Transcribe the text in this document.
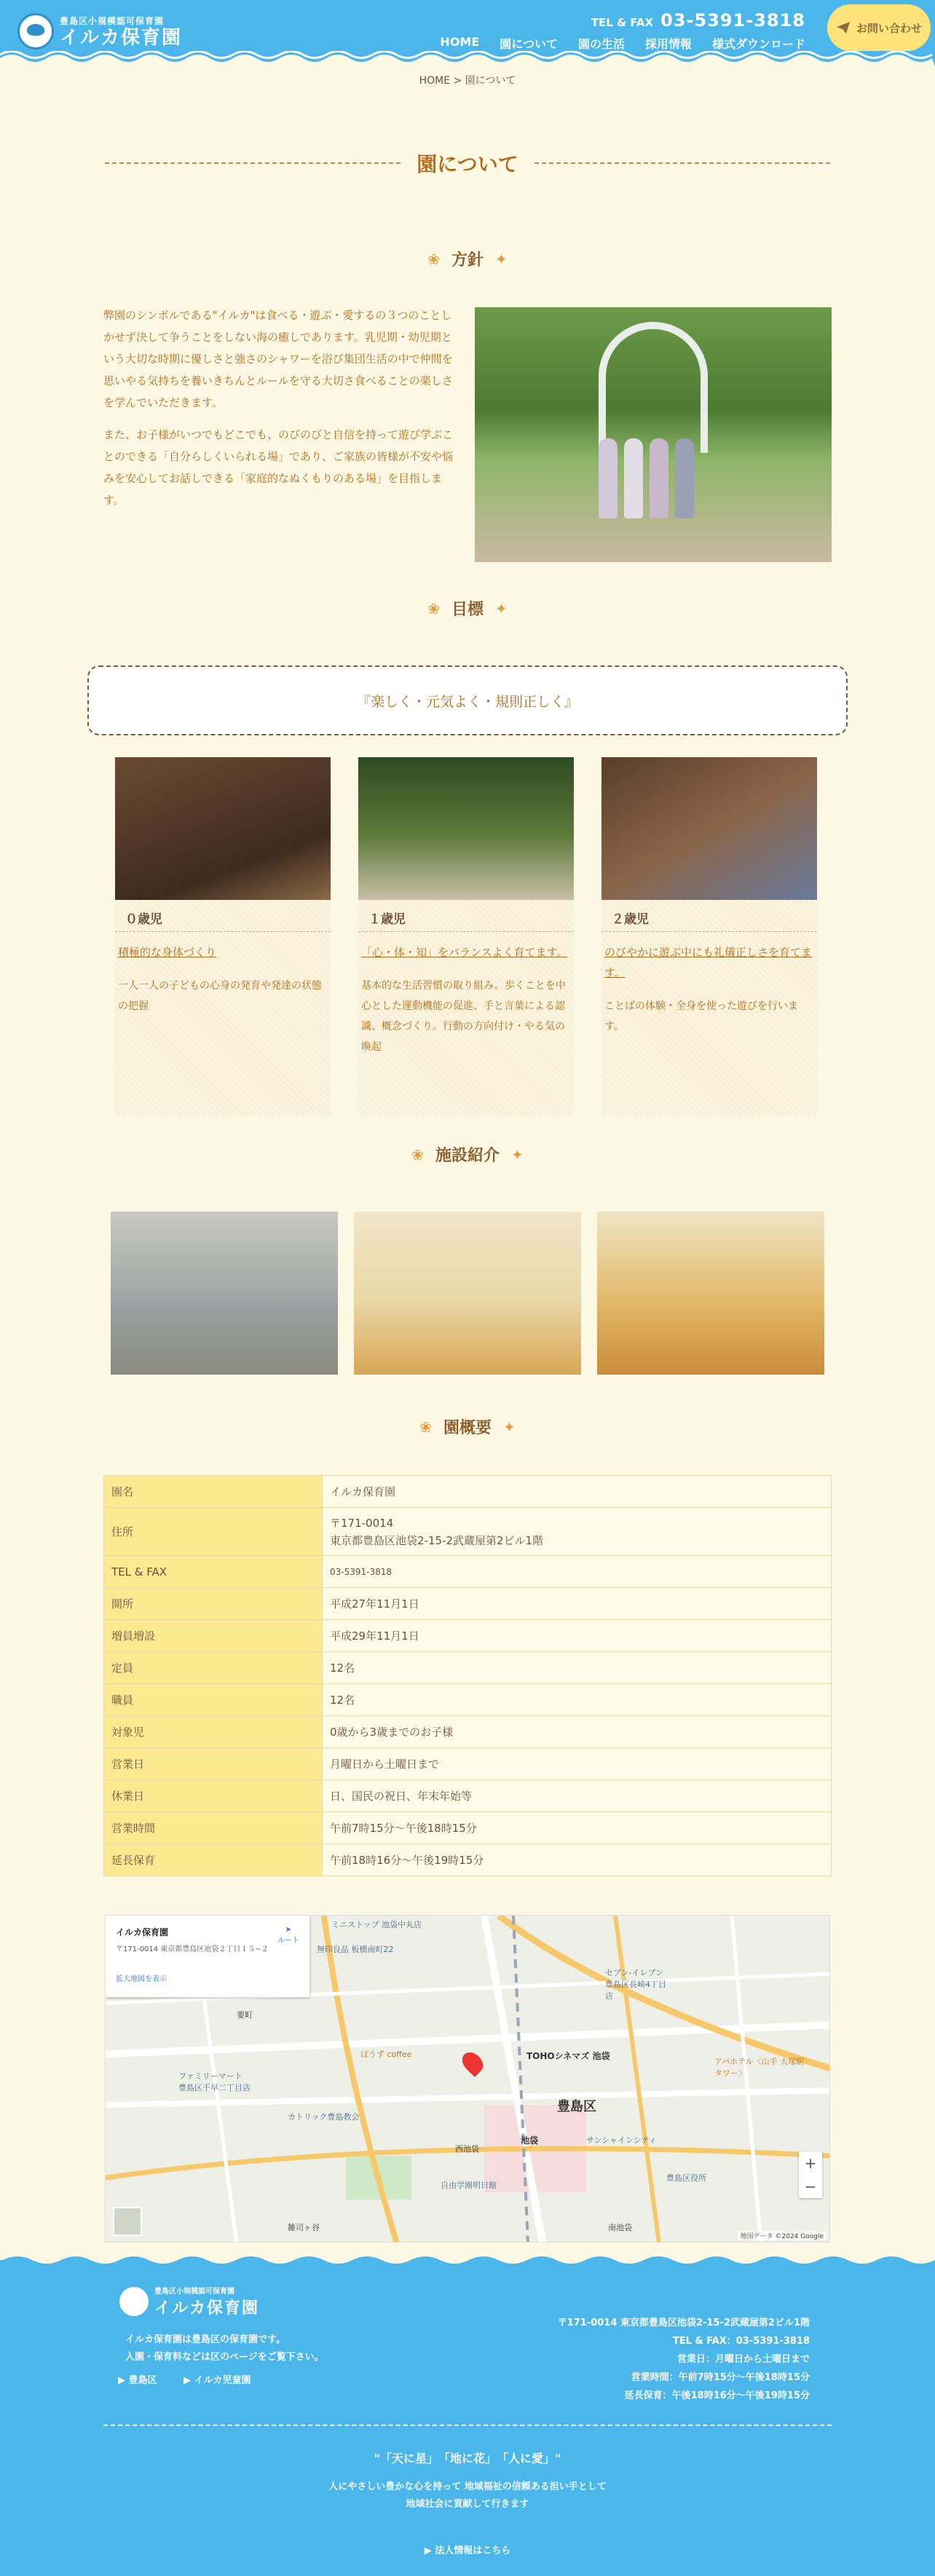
豊島区小規模認可保育園
イルカ保育園
TEL & FAX 03-5391-3818
HOME 園について 園の生活 採用情報 様式ダウンロード
お問い合わせ
HOME > 園について
園について
❀ 方針 ✦

弊園のシンボルである"イルカ"は食べる・遊ぶ・愛するの３つのことしかせず決して争うことをしない海の癒しであります。乳児期・幼児期という大切な時期に優しさと強さのシャワーを浴び集団生活の中で仲間を思いやる気持ちを養いきちんとルールを守る大切さ食べることの楽しさを学んでいただきます。

また、お子様がいつでもどこでも、のびのびと自信を持って遊び学ぶことのできる「自分らしくいられる場」であり、ご家族の皆様が不安や悩みを安心してお話しできる「家庭的なぬくもりのある場」を目指します。

❀ 目標 ✦
『楽しく・元気よく・規則正しく』
０歳児
積極的な身体づくり
一人一人の子どもの心身の発育や発達の状態の把握
１歳児
「心・体・知」をバランスよく育てます。
基本的な生活習慣の取り組み。歩くことを中心とした運動機能の促進、手と言葉による認識、概念づくり。行動の方向付け・やる気の喚起
２歳児
のびやかに遊ぶ中にも礼儀正しさを育てます。
ことばの体験・全身を使った遊びを行います。
❀ 施設紹介 ✦
❀ 園概要 ✦
園名	イルカ保育園
住所	〒171-0014
東京都豊島区池袋2-15-2武蔵屋第2ビル1階

TEL & FAX	03-5391-3818
開所	平成27年11月1日
増員増設	平成29年11月1日
定員	12名
職員	12名
対象児	0歳から3歳までのお子様
営業日	月曜日から土曜日まで
休業日	日、国民の祝日、年末年始等
営業時間	午前7時15分〜午後18時15分
延長保育	午前18時16分〜午後19時15分
イルカ保育園
〒171-0014 東京都豊島区池袋２丁目１５−２
拡大地図を表示
➤
ルート
豊島区
ミニストップ 池袋中丸店
無印良品 板橋南町22
セブン-イレブン 豊島区長崎4丁目店
要町
ぽうず coffee	TOHOシネマズ 池袋
池袋	サンシャインシティ
ファミリーマート 豊島区千早二丁目店
カトリック豊島教会
豊島区役所
アパホテル〈山手 大塚駅タワー〉
自由学園明日館
西池袋
南池袋
雑司ヶ谷
+
−
地図データ ©2024 Google
豊島区小規模認可保育園
イルカ保育園
イルカ保育園は豊島区の保育園です。
入園・保育料などは区のページをご覧下さい。
▶ 豊島区	▶ イルカ児童園
〒171-0014 東京都豊島区池袋2-15-2武蔵屋第2ビル1階
TEL & FAX：03-5391-3818
営業日：月曜日から土曜日まで
営業時間：午前7時15分〜午後18時15分
延長保育：午後18時16分〜午後19時15分
"「天に星」　「地に花」　「人に愛」"
人にやさしい豊かな心を持って 地域福祉の信頼ある担い手として
地域社会に貢献して行きます
▶ 法人情報はこちら
